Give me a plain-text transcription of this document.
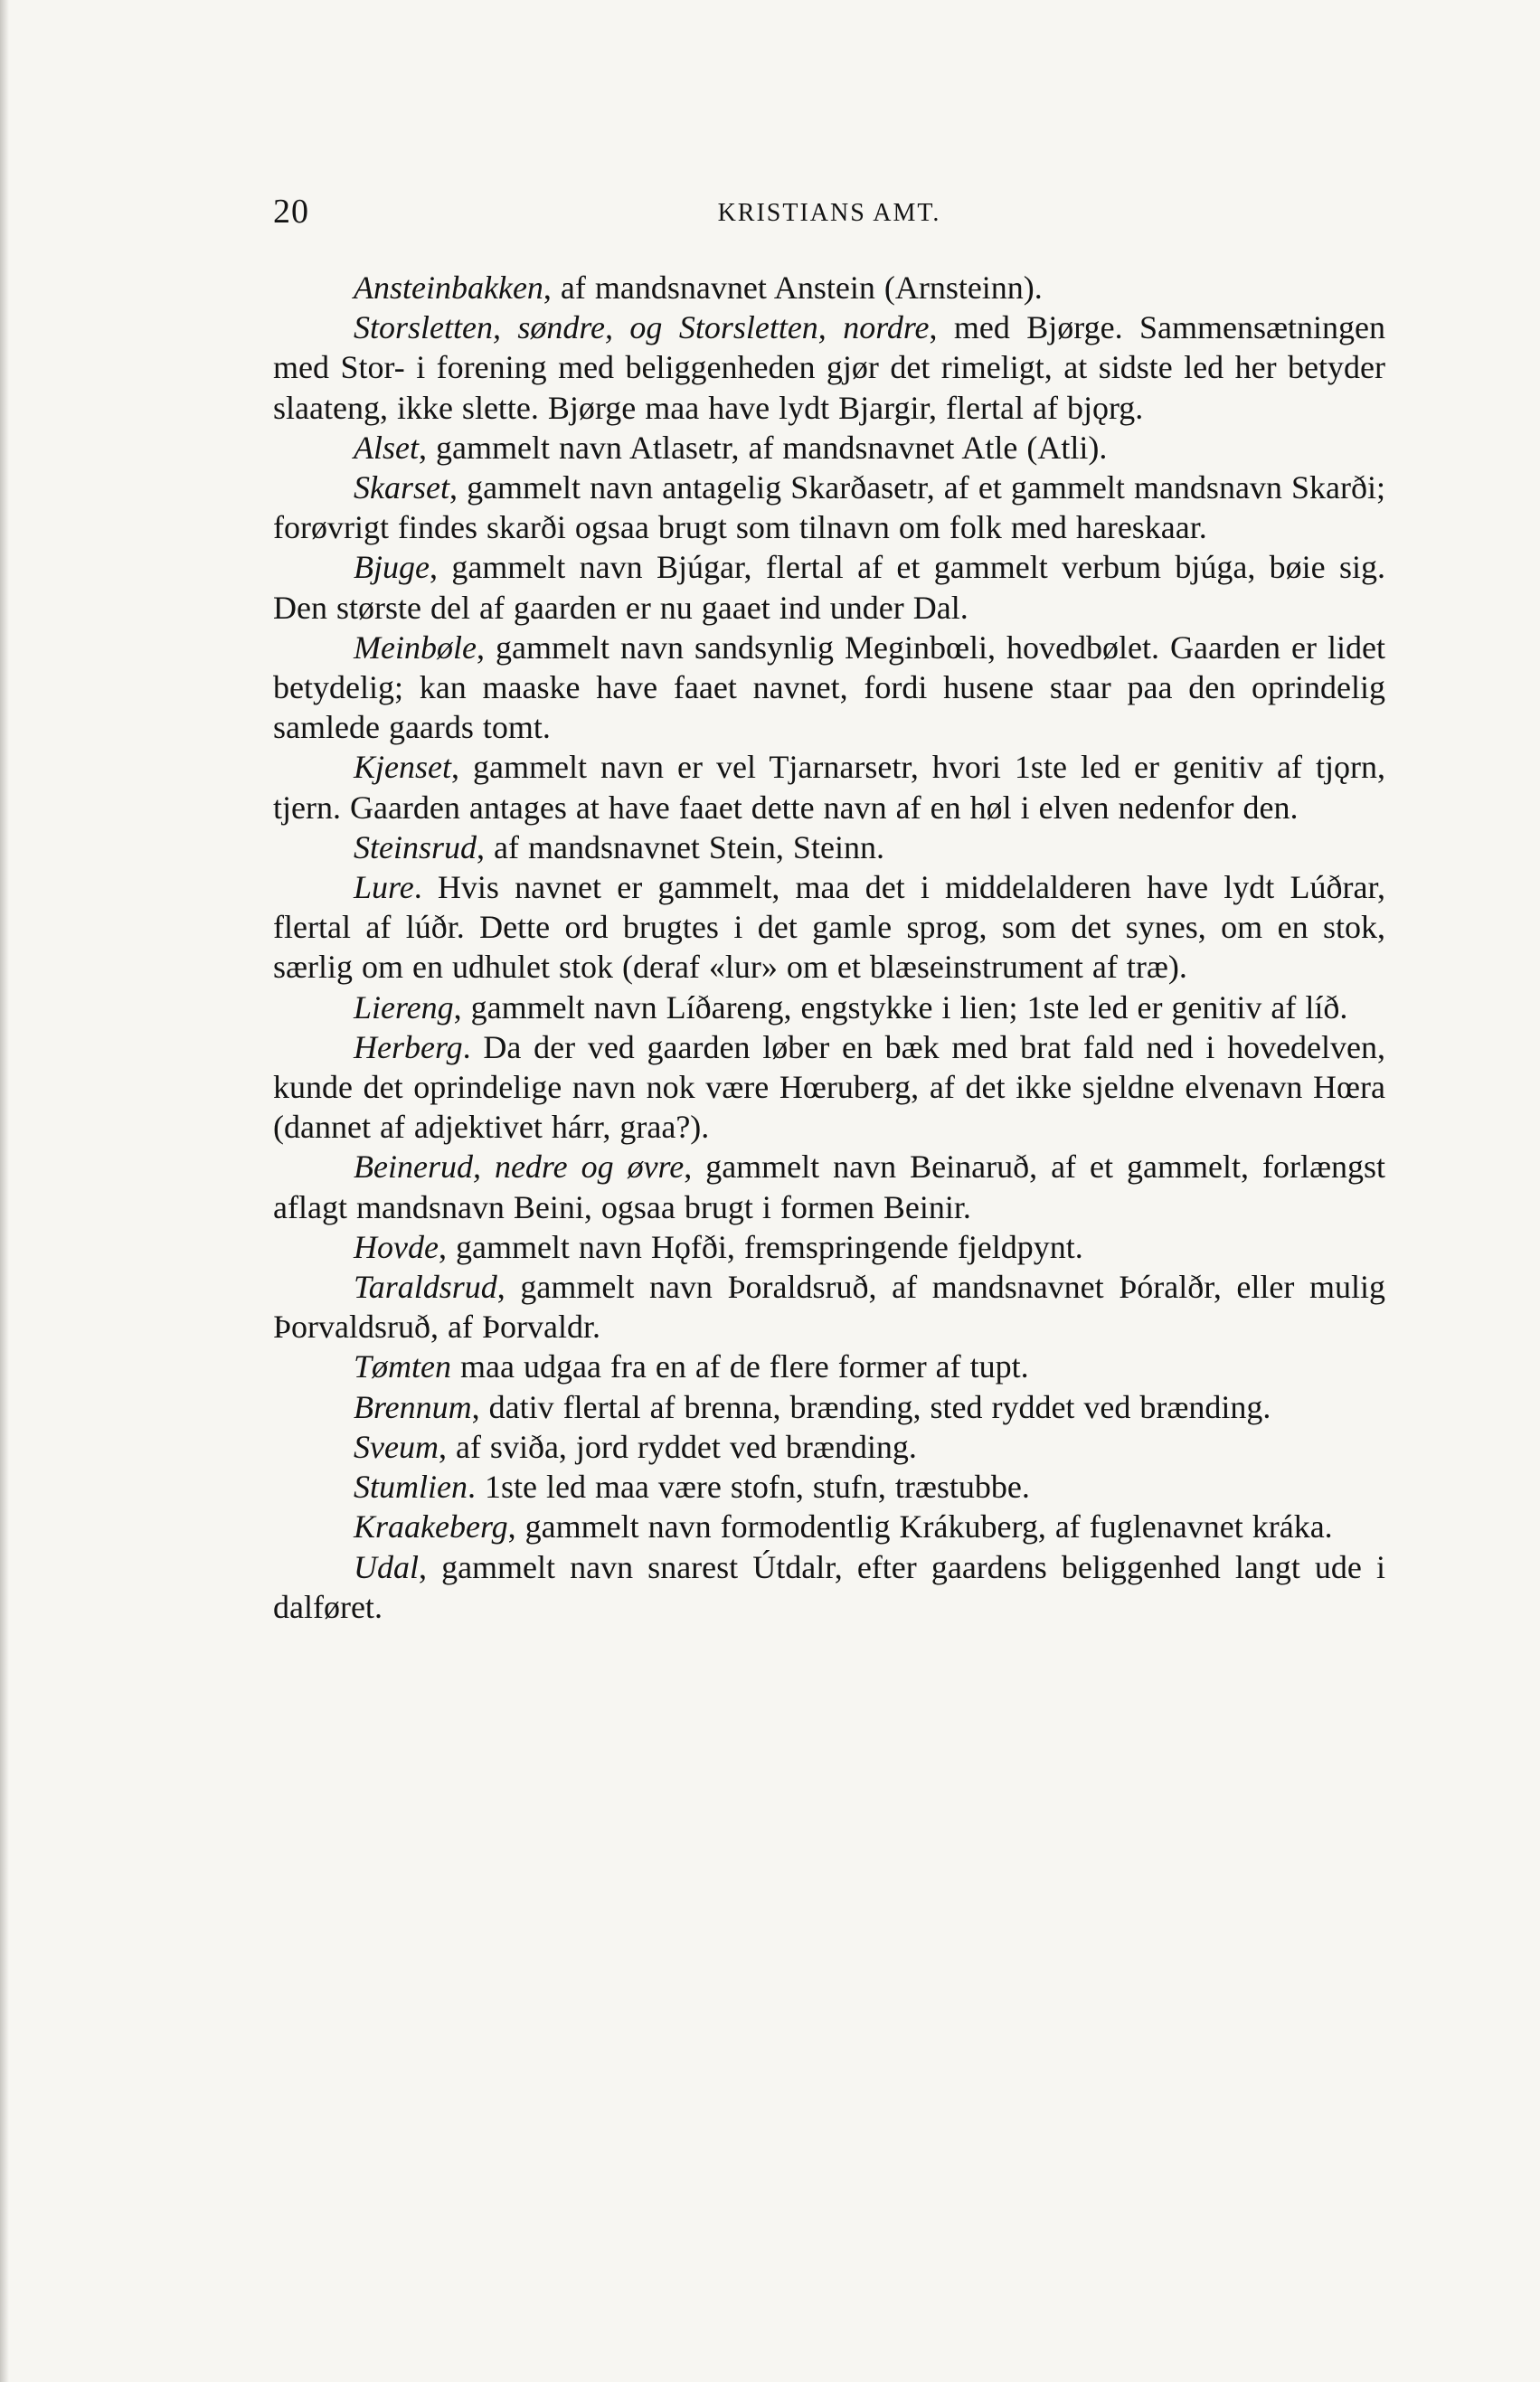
20	KRISTIANS AMT.

Ansteinbakken, af mandsnavnet Anstein (Arnsteinn).

Storsletten, søndre, og Storsletten, nordre, med Bjørge. Sammensætningen med Stor- i forening med beliggenheden gjør det rimeligt, at sidste led her betyder slaateng, ikke slette. Bjørge maa have lydt Bjargir, flertal af bjǫrg.

Alset, gammelt navn Atlasetr, af mandsnavnet Atle (Atli).

Skarset, gammelt navn antagelig Skarðasetr, af et gammelt mandsnavn Skarði; forøvrigt findes skarði ogsaa brugt som tilnavn om folk med hareskaar.

Bjuge, gammelt navn Bjúgar, flertal af et gammelt verbum bjúga, bøie sig. Den største del af gaarden er nu gaaet ind under Dal.

Meinbøle, gammelt navn sandsynlig Meginbœli, hovedbølet. Gaarden er lidet betydelig; kan maaske have faaet navnet, fordi husene staar paa den oprindelig samlede gaards tomt.

Kjenset, gammelt navn er vel Tjarnarsetr, hvori 1ste led er genitiv af tjǫrn, tjern. Gaarden antages at have faaet dette navn af en høl i elven nedenfor den.

Steinsrud, af mandsnavnet Stein, Steinn.

Lure. Hvis navnet er gammelt, maa det i middelalderen have lydt Lúðrar, flertal af lúðr. Dette ord brugtes i det gamle sprog, som det synes, om en stok, særlig om en udhulet stok (deraf «lur» om et blæseinstrument af træ).

Liereng, gammelt navn Líðareng, engstykke i lien; 1ste led er genitiv af líð.

Herberg. Da der ved gaarden løber en bæk med brat fald ned i hovedelven, kunde det oprindelige navn nok være Hœruberg, af det ikke sjeldne elvenavn Hœra (dannet af adjektivet hárr, graa?).

Beinerud, nedre og øvre, gammelt navn Beinaruð, af et gammelt, forlængst aflagt mandsnavn Beini, ogsaa brugt i formen Beinir.

Hovde, gammelt navn Hǫfði, fremspringende fjeldpynt.

Taraldsrud, gammelt navn Þoraldsruð, af mandsnavnet Þóralðr, eller mulig Þorvaldsruð, af Þorvaldr.

Tømten maa udgaa fra en af de flere former af tupt.

Brennum, dativ flertal af brenna, brænding, sted ryddet ved brænding.

Sveum, af sviða, jord ryddet ved brænding.

Stumlien. 1ste led maa være stofn, stufn, træstubbe.

Kraakeberg, gammelt navn formodentlig Krákuberg, af fuglenavnet kráka.

Udal, gammelt navn snarest Útdalr, efter gaardens beliggenhed langt ude i dalføret.
